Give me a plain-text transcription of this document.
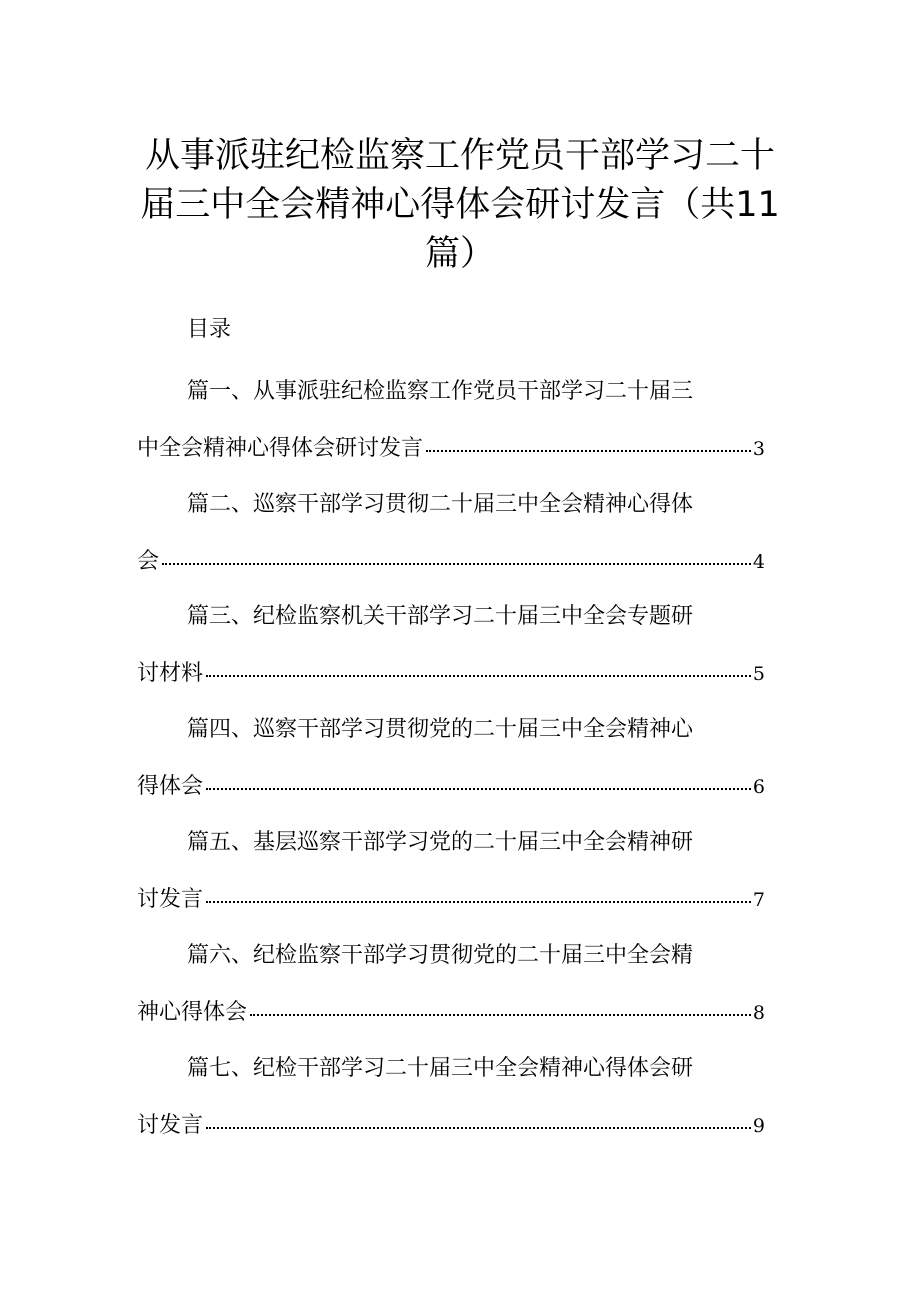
从事派驻纪检监察工作党员干部学习二十
届三中全会精神心得体会研讨发言（共11
篇）
目录
篇一、从事派驻纪检监察工作党员干部学习二十届三
中全会精神心得体会研讨发言	3
篇二、巡察干部学习贯彻二十届三中全会精神心得体
会	4
篇三、纪检监察机关干部学习二十届三中全会专题研
讨材料	5
篇四、巡察干部学习贯彻党的二十届三中全会精神心
得体会	6
篇五、基层巡察干部学习党的二十届三中全会精神研
讨发言	7
篇六、纪检监察干部学习贯彻党的二十届三中全会精
神心得体会	8
篇七、纪检干部学习二十届三中全会精神心得体会研
讨发言	9
